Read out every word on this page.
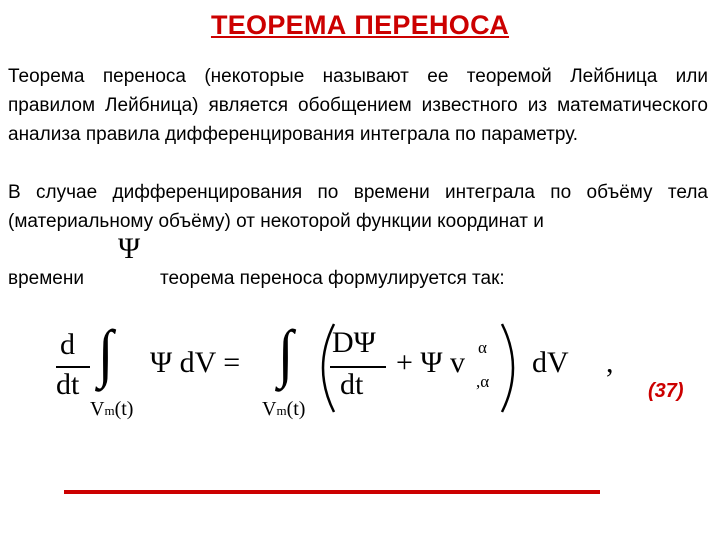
ТЕОРЕМА ПЕРЕНОСА
Теорема переноса (некоторые называют ее теоремой Лейбница или правилом Лейбница) является обобщением известного из математического анализа правила дифференцирования интеграла по параметру.
В случае дифференцирования по времени интеграла по объёму тела (материальному объёму) от некоторой функции координат и
Ψ
времени	теорема переноса формулируется так:
d
dt ∫
Vm(t)
Ψ dV = ∫
Vm(t)
DΨ
dt
+ Ψ v α
,α
dV ,
(37)
